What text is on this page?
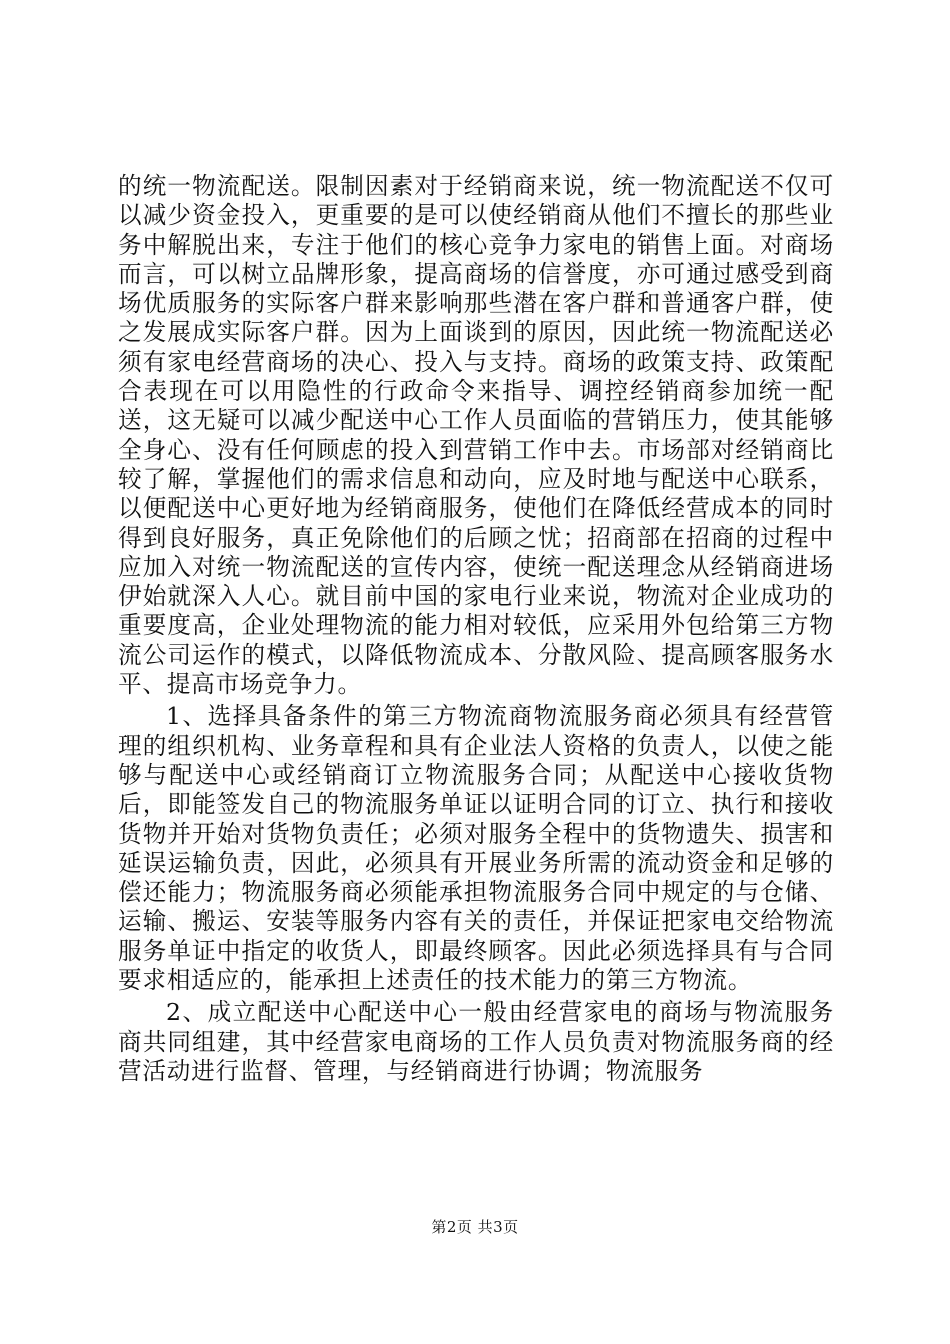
的统一物流配送。限制因素对于经销商来说，统一物流配送不仅可以减少资金投入，更重要的是可以使经销商从他们不擅长的那些业务中解脱出来，专注于他们的核心竞争力家电的销售上面。对商场而言，可以树立品牌形象，提高商场的信誉度，亦可通过感受到商场优质服务的实际客户群来影响那些潜在客户群和普通客户群，使之发展成实际客户群。因为上面谈到的原因，因此统一物流配送必须有家电经营商场的决心、投入与支持。商场的政策支持、政策配合表现在可以用隐性的行政命令来指导、调控经销商参加统一配送，这无疑可以减少配送中心工作人员面临的营销压力，使其能够全身心、没有任何顾虑的投入到营销工作中去。市场部对经销商比较了解，掌握他们的需求信息和动向，应及时地与配送中心联系，以便配送中心更好地为经销商服务，使他们在降低经营成本的同时得到良好服务，真正免除他们的后顾之忧；招商部在招商的过程中应加入对统一物流配送的宣传内容，使统一配送理念从经销商进场伊始就深入人心。就目前中国的家电行业来说，物流对企业成功的重要度高，企业处理物流的能力相对较低，应采用外包给第三方物流公司运作的模式，以降低物流成本、分散风险、提高顾客服务水平、提高市场竞争力。

1、选择具备条件的第三方物流商物流服务商必须具有经营管理的组织机构、业务章程和具有企业法人资格的负责人，以使之能够与配送中心或经销商订立物流服务合同；从配送中心接收货物后，即能签发自己的物流服务单证以证明合同的订立、执行和接收货物并开始对货物负责任；必须对服务全程中的货物遗失、损害和延误运输负责，因此，必须具有开展业务所需的流动资金和足够的偿还能力；物流服务商必须能承担物流服务合同中规定的与仓储、运输、搬运、安装等服务内容有关的责任，并保证把家电交给物流服务单证中指定的收货人，即最终顾客。因此必须选择具有与合同要求相适应的，能承担上述责任的技术能力的第三方物流。

2、成立配送中心配送中心一般由经营家电的商场与物流服务商共同组建，其中经营家电商场的工作人员负责对物流服务商的经营活动进行监督、管理，与经销商进行协调；物流服务

第2页 共3页
